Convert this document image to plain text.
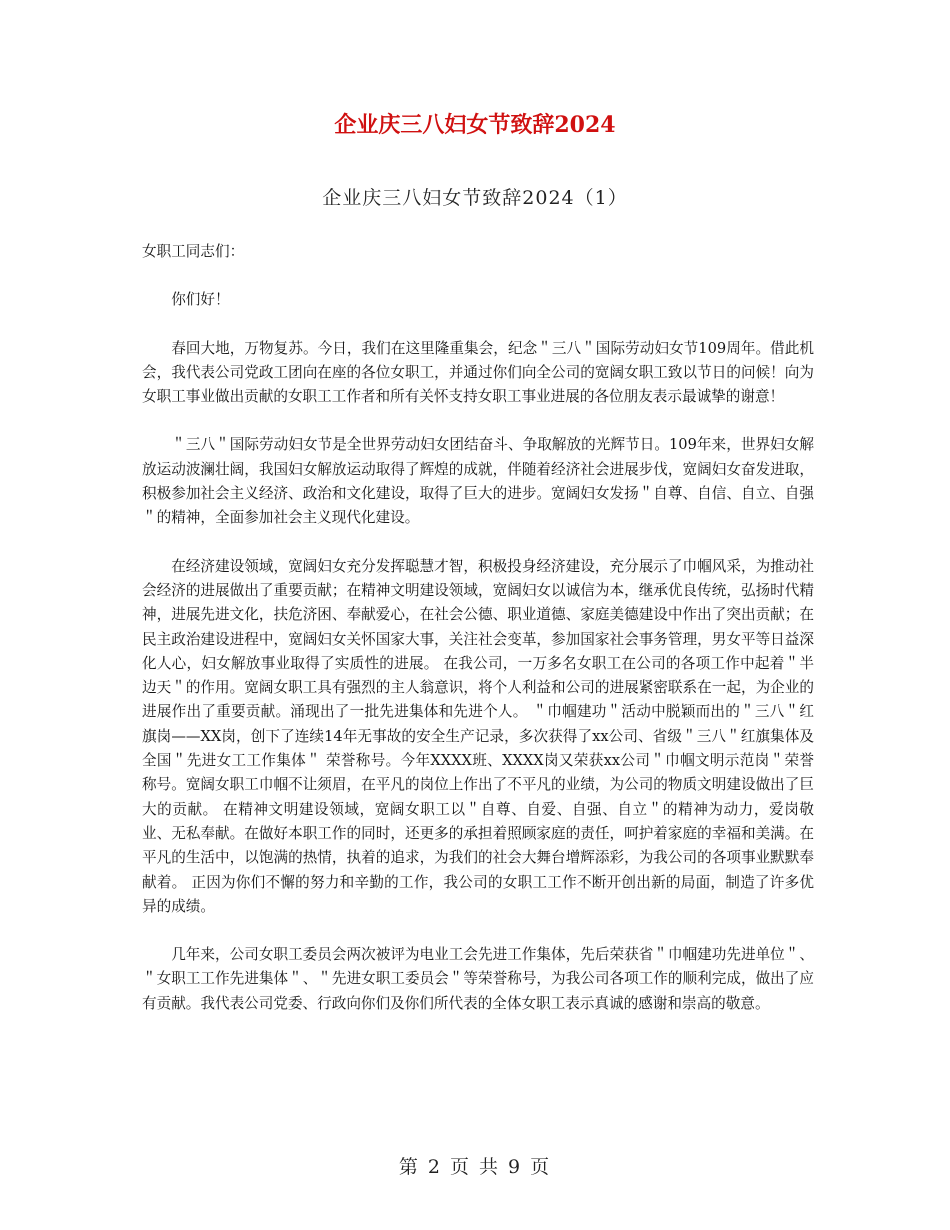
企业庆三八妇女节致辞2024
企业庆三八妇女节致辞2024（1）

女职工同志们：

你们好！

春回大地，万物复苏。今日，我们在这里隆重集会，纪念＂三八＂国际劳动妇女节109周年。借此机会，我代表公司党政工团向在座的各位女职工，并通过你们向全公司的宽阔女职工致以节日的问候！向为女职工事业做出贡献的女职工工作者和所有关怀支持女职工事业进展的各位朋友表示最诚挚的谢意！

＂三八＂国际劳动妇女节是全世界劳动妇女团结奋斗、争取解放的光辉节日。109年来，世界妇女解放运动波澜壮阔，我国妇女解放运动取得了辉煌的成就，伴随着经济社会进展步伐，宽阔妇女奋发进取，积极参加社会主义经济、政治和文化建设，取得了巨大的进步。宽阔妇女发扬＂自尊、自信、自立、自强＂的精神，全面参加社会主义现代化建设。

在经济建设领域，宽阔妇女充分发挥聪慧才智，积极投身经济建设，充分展示了巾帼风采，为推动社会经济的进展做出了重要贡献；在精神文明建设领域，宽阔妇女以诚信为本，继承优良传统，弘扬时代精神，进展先进文化，扶危济困、奉献爱心，在社会公德、职业道德、家庭美德建设中作出了突出贡献；在民主政治建设进程中，宽阔妇女关怀国家大事，关注社会变革，参加国家社会事务管理，男女平等日益深化人心，妇女解放事业取得了实质性的进展。 在我公司，一万多名女职工在公司的各项工作中起着＂半边天＂的作用。宽阔女职工具有强烈的主人翁意识，将个人利益和公司的进展紧密联系在一起，为企业的进展作出了重要贡献。涌现出了一批先进集体和先进个人。 ＂巾帼建功＂活动中脱颖而出的＂三八＂红旗岗——XX岗，创下了连续14年无事故的安全生产记录，多次获得了xx公司、省级＂三八＂红旗集体及全国＂先进女工工作集体＂ 荣誉称号。今年XXXX班、XXXX岗又荣获xx公司＂巾帼文明示范岗＂荣誉称号。宽阔女职工巾帼不让须眉，在平凡的岗位上作出了不平凡的业绩，为公司的物质文明建设做出了巨大的贡献。 在精神文明建设领域，宽阔女职工以＂自尊、自爱、自强、自立＂的精神为动力，爱岗敬业、无私奉献。在做好本职工作的同时，还更多的承担着照顾家庭的责任，呵护着家庭的幸福和美满。在平凡的生活中，以饱满的热情，执着的追求，为我们的社会大舞台增辉添彩，为我公司的各项事业默默奉献着。 正因为你们不懈的努力和辛勤的工作，我公司的女职工工作不断开创出新的局面，制造了许多优异的成绩。

几年来，公司女职工委员会两次被评为电业工会先进工作集体，先后荣获省＂巾帼建功先进单位＂、＂女职工工作先进集体＂、＂先进女职工委员会＂等荣誉称号，为我公司各项工作的顺利完成，做出了应有贡献。我代表公司党委、行政向你们及你们所代表的全体女职工表示真诚的感谢和崇高的敬意。

第 2 页 共 9 页
